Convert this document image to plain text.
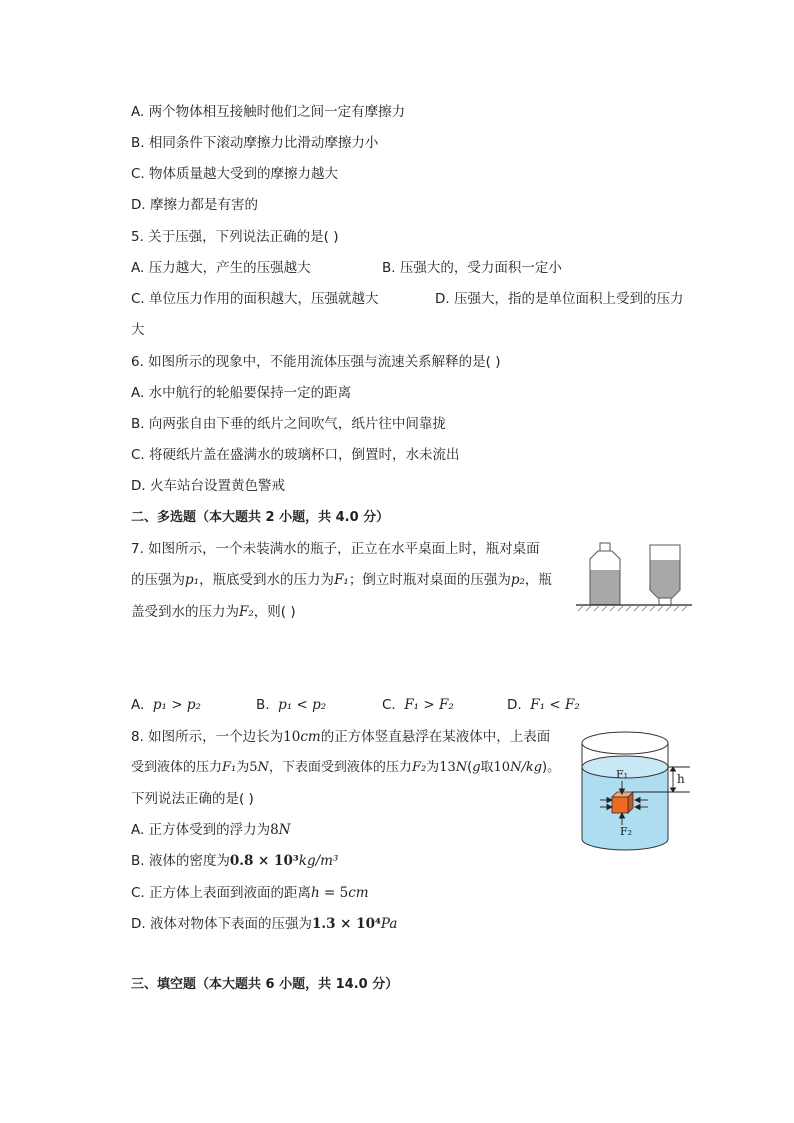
A. 两个物体相互接触时他们之间一定有摩擦力
B. 相同条件下滚动摩擦力比滑动摩擦力小
C. 物体质量越大受到的摩擦力越大
D. 摩擦力都是有害的
5. 关于压强，下列说法正确的是( )
A. 压力越大，产生的压强越大	B. 压强大的，受力面积一定小
C. 单位压力作用的面积越大，压强就越大	D. 压强大，指的是单位面积上受到的压力
大
6. 如图所示的现象中，不能用流体压强与流速关系解释的是( )
A. 水中航行的轮船要保持一定的距离
B. 向两张自由下垂的纸片之间吹气，纸片往中间靠拢
C. 将硬纸片盖在盛满水的玻璃杯口，倒置时，水未流出
D. 火车站台设置黄色警戒
二、多选题（本大题共 2 小题，共 4.0 分）
7. 如图所示，一个未装满水的瓶子，正立在水平桌面上时，瓶对桌面
的压强为p₁，瓶底受到水的压力为F₁；倒立时瓶对桌面的压强为p₂，瓶
盖受到水的压力为F₂，则( )
A. p₁ > p₂	B. p₁ < p₂	C. F₁ > F₂	D. F₁ < F₂
8. 如图所示，一个边长为10cm的正方体竖直悬浮在某液体中，上表面
受到液体的压力F₁为5N，下表面受到液体的压力F₂为13N(g取10N/kg)。
下列说法正确的是( )
A. 正方体受到的浮力为8N
B. 液体的密度为0.8 × 10³kg/m³
C. 正方体上表面到液面的距离h = 5cm
D. 液体对物体下表面的压强为1.3 × 10⁴Pa
F₁
F₂
h
三、填空题（本大题共 6 小题，共 14.0 分）
